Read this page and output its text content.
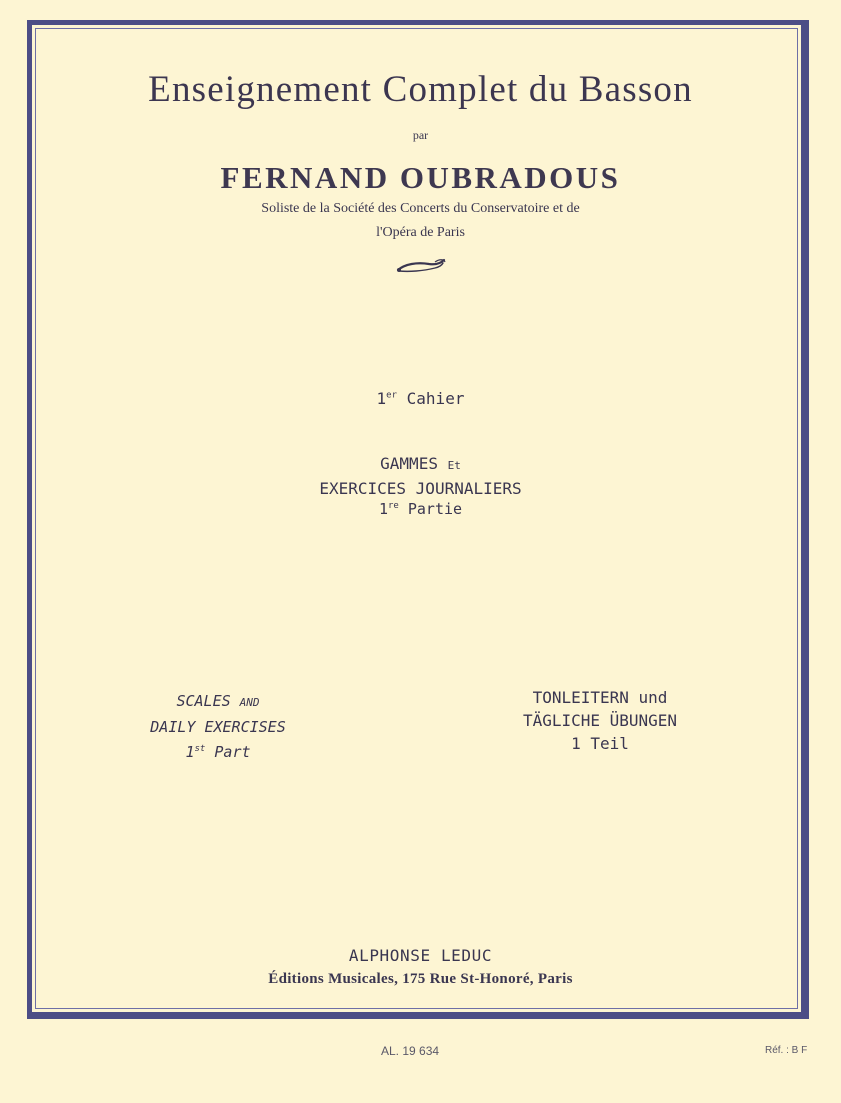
Enseignement Complet du Basson
par
FERNAND OUBRADOUS
Soliste de la Société des Concerts du Conservatoire et de
l'Opéra de Paris
1er Cahier
GAMMES Et
EXERCICES JOURNALIERS
1re Partie
SCALES AND
DAILY EXERCISES
1st Part
TONLEITERN und
TÄGLICHE ÜBUNGEN
1 Teil
ALPHONSE LEDUC
Éditions Musicales, 175 Rue St-Honoré, Paris
AL. 19 634	Réf. : B F
